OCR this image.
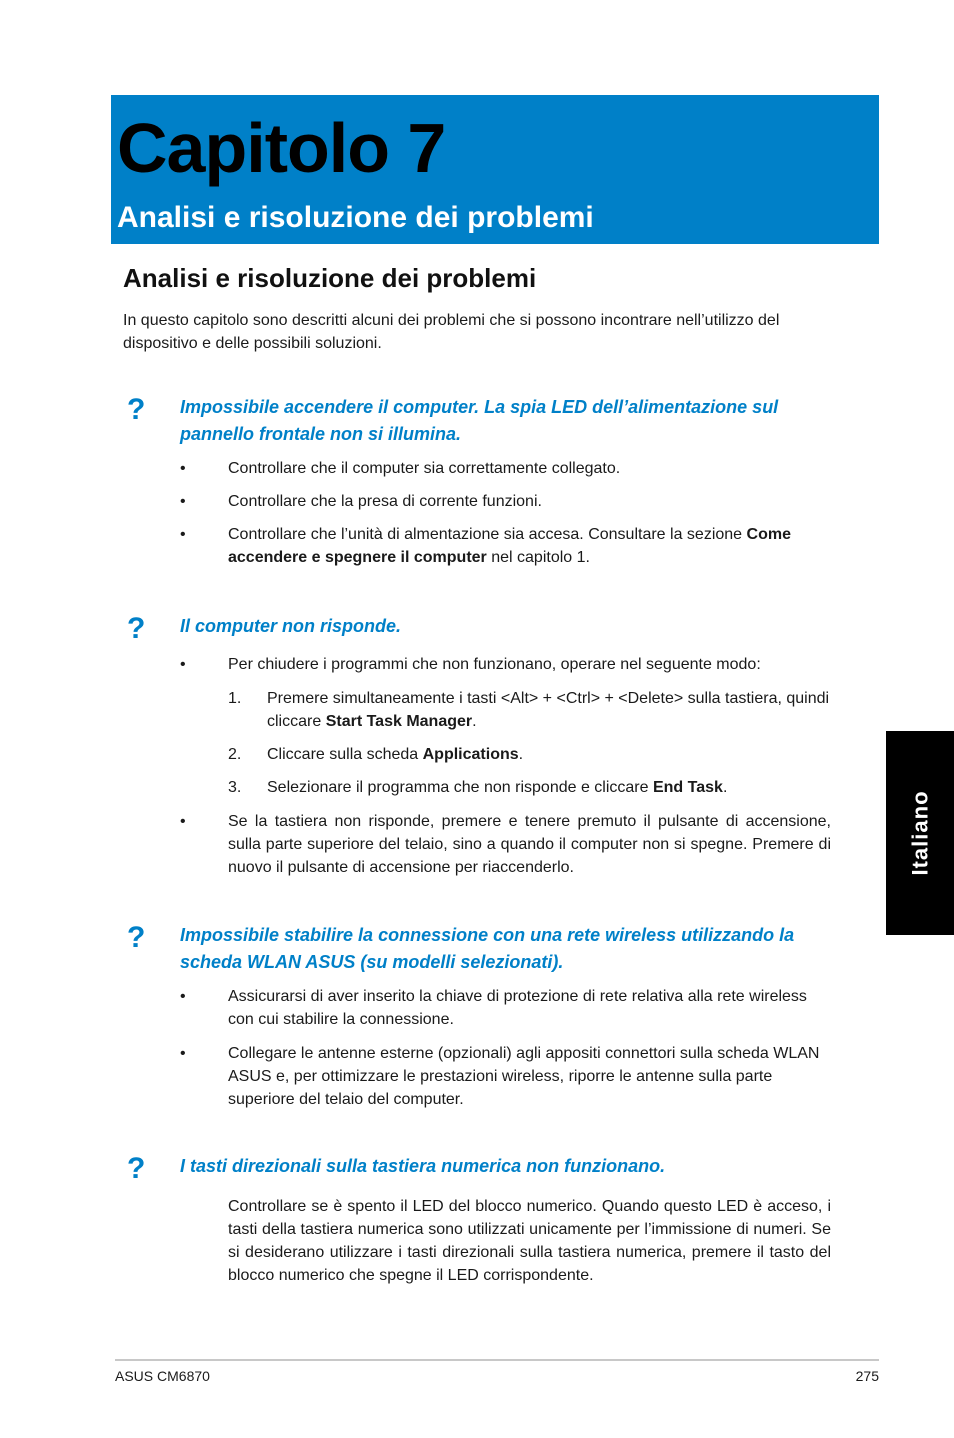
Capitolo 7
Analisi e risoluzione dei problemi
Analisi e risoluzione dei problemi

In questo capitolo sono descritti alcuni dei problemi che si possono incontrare nell’utilizzo del dispositivo e delle possibili soluzioni.

? Impossibile accendere il computer. La spia LED dell’alimentazione sul pannello frontale non si illumina.

•	Controllare che il computer sia correttamente collegato.

•	Controllare che la presa di corrente funzioni.

•	Controllare che l’unità di almentazione sia accesa. Consultare la sezione Come accendere e spegnere il computer nel capitolo 1.

? Il computer non risponde.

•	Per chiudere i programmi che non funzionano, operare nel seguente modo:

1. Premere simultaneamente i tasti <Alt> + <Ctrl> + <Delete> sulla tastiera, quindi cliccare Start Task Manager.

2. Cliccare sulla scheda Applications.

3. Selezionare il programma che non risponde e cliccare End Task.

•	Se la tastiera non risponde, premere e tenere premuto il pulsante di accensione, sulla parte superiore del telaio, sino a quando il computer non si spegne. Premere di nuovo il pulsante di accensione per riaccenderlo.

? Impossibile stabilire la connessione con una rete wireless utilizzando la scheda WLAN ASUS (su modelli selezionati).

•	Assicurarsi di aver inserito la chiave di protezione di rete relativa alla rete wireless con cui stabilire la connessione.

•	Collegare le antenne esterne (opzionali) agli appositi connettori sulla scheda WLAN ASUS e, per ottimizzare le prestazioni wireless, riporre le antenne sulla parte superiore del telaio del computer.

? I tasti direzionali sulla tastiera numerica non funzionano.

Controllare se è spento il LED del blocco numerico. Quando questo LED è acceso, i tasti della tastiera numerica sono utilizzati unicamente per l’immissione di numeri. Se si desiderano utilizzare i tasti direzionali sulla tastiera numerica, premere il tasto del blocco numerico che spegne il LED corrispondente.

Italiano
ASUS CM6870	275
